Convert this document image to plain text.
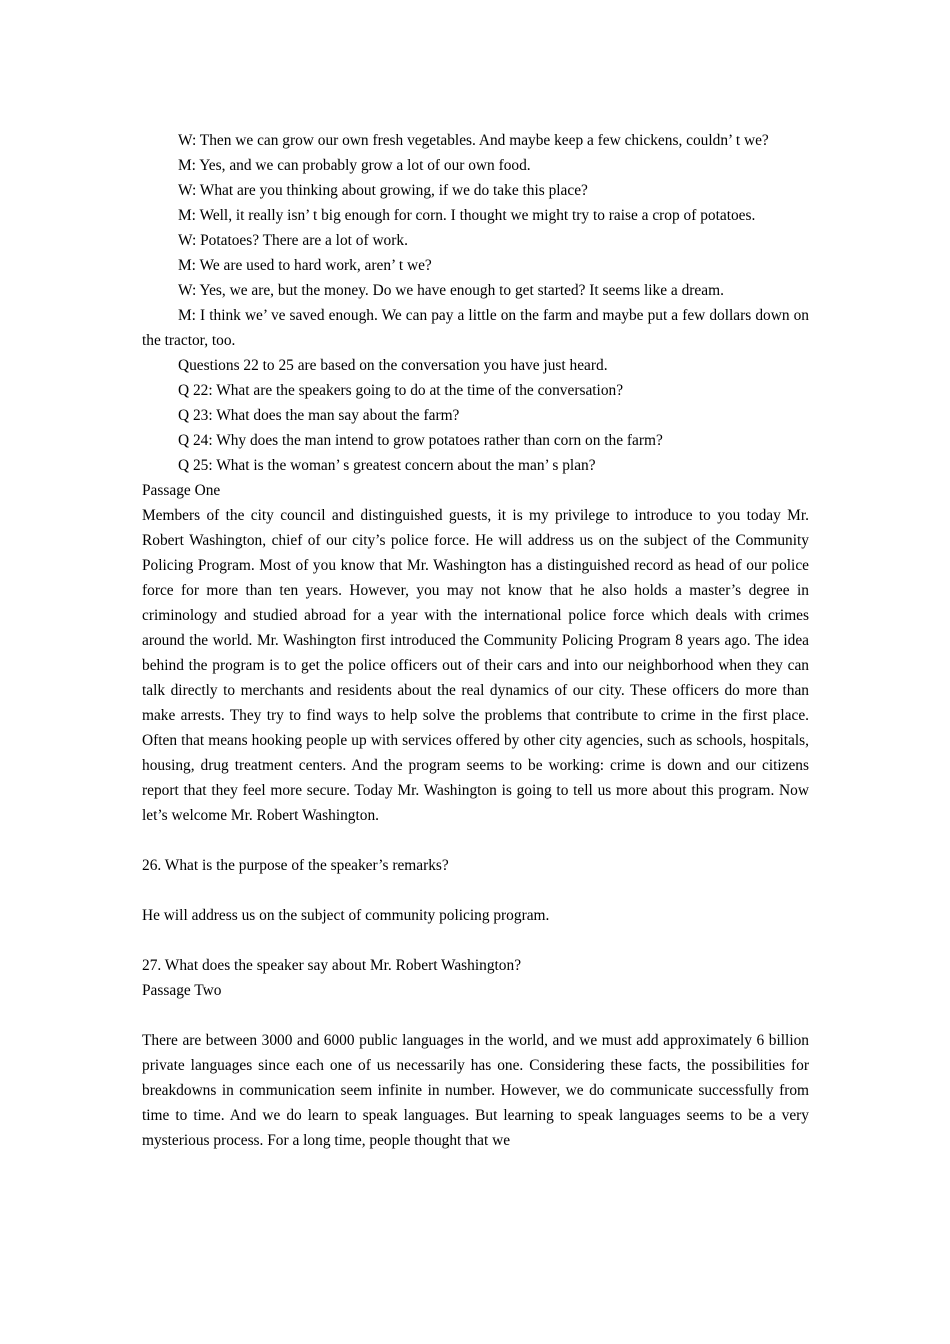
W: Then we can grow our own fresh vegetables. And maybe keep a few chickens, couldn’ t we?

M: Yes, and we can probably grow a lot of our own food.

W: What are you thinking about growing, if we do take this place?

M: Well, it really isn’ t big enough for corn. I thought we might try to raise a crop of potatoes.

W: Potatoes? There are a lot of work.

M: We are used to hard work, aren’ t we?

W: Yes, we are, but the money. Do we have enough to get started? It seems like a dream.

M: I think we’ ve saved enough. We can pay a little on the farm and maybe put a few dollars down on the tractor, too.

Questions 22 to 25 are based on the conversation you have just heard.

Q 22: What are the speakers going to do at the time of the conversation?

Q 23: What does the man say about the farm?

Q 24: Why does the man intend to grow potatoes rather than corn on the farm?

Q 25: What is the woman’ s greatest concern about the man’ s plan?

Passage One

Members of the city council and distinguished guests, it is my privilege to introduce to you today Mr. Robert Washington, chief of our city’s police force. He will address us on the subject of the Community Policing Program. Most of you know that Mr. Washington has a distinguished record as head of our police force for more than ten years. However, you may not know that he also holds a master’s degree in criminology and studied abroad for a year with the international police force which deals with crimes around the world. Mr. Washington first introduced the Community Policing Program 8 years ago. The idea behind the program is to get the police officers out of their cars and into our neighborhood when they can talk directly to merchants and residents about the real dynamics of our city. These officers do more than make arrests. They try to find ways to help solve the problems that contribute to crime in the first place. Often that means hooking people up with services offered by other city agencies, such as schools, hospitals, housing, drug treatment centers. And the program seems to be working: crime is down and our citizens report that they feel more secure. Today Mr. Washington is going to tell us more about this program. Now let’s welcome Mr. Robert Washington.

26. What is the purpose of the speaker’s remarks?

He will address us on the subject of community policing program.

27. What does the speaker say about Mr. Robert Washington?

Passage Two

There are between 3000 and 6000 public languages in the world, and we must add approximately 6 billion private languages since each one of us necessarily has one. Considering these facts, the possibilities for breakdowns in communication seem infinite in number. However, we do communicate successfully from time to time. And we do learn to speak languages. But learning to speak languages seems to be a very mysterious process. For a long time, people thought that we
